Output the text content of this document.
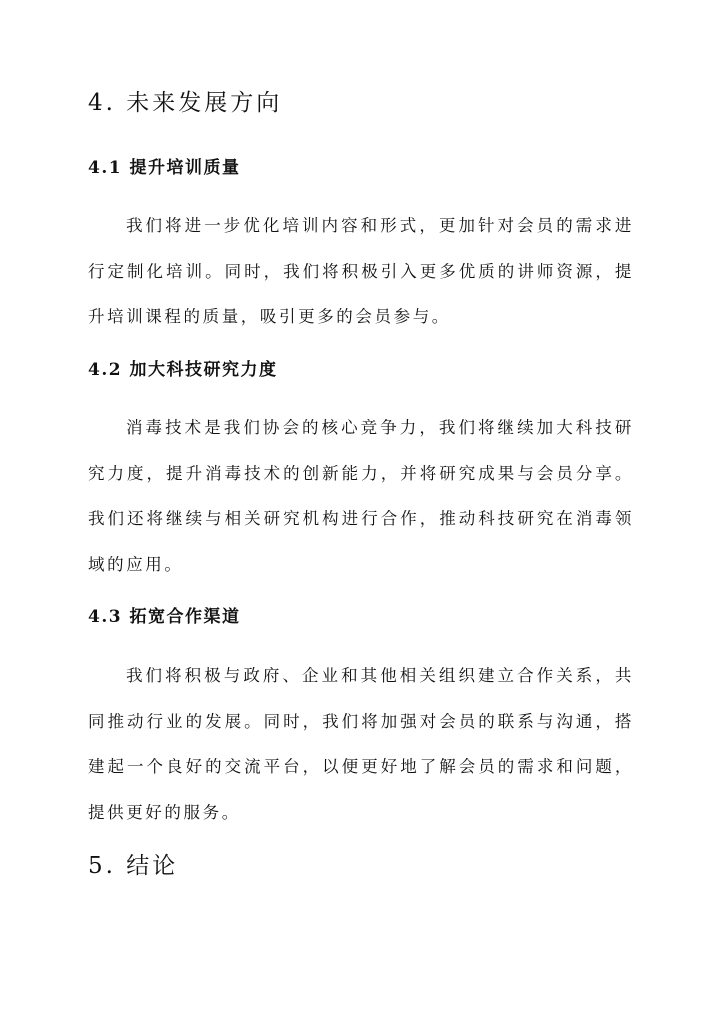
4. 未来发展方向
4.1 提升培训质量

我们将进一步优化培训内容和形式，更加针对会员的需求进行定制化培训。同时，我们将积极引入更多优质的讲师资源，提升培训课程的质量，吸引更多的会员参与。

4.2 加大科技研究力度

消毒技术是我们协会的核心竞争力，我们将继续加大科技研究力度，提升消毒技术的创新能力，并将研究成果与会员分享。我们还将继续与相关研究机构进行合作，推动科技研究在消毒领域的应用。

4.3 拓宽合作渠道

我们将积极与政府、企业和其他相关组织建立合作关系，共同推动行业的发展。同时，我们将加强对会员的联系与沟通，搭建起一个良好的交流平台，以便更好地了解会员的需求和问题，提供更好的服务。

5. 结论
